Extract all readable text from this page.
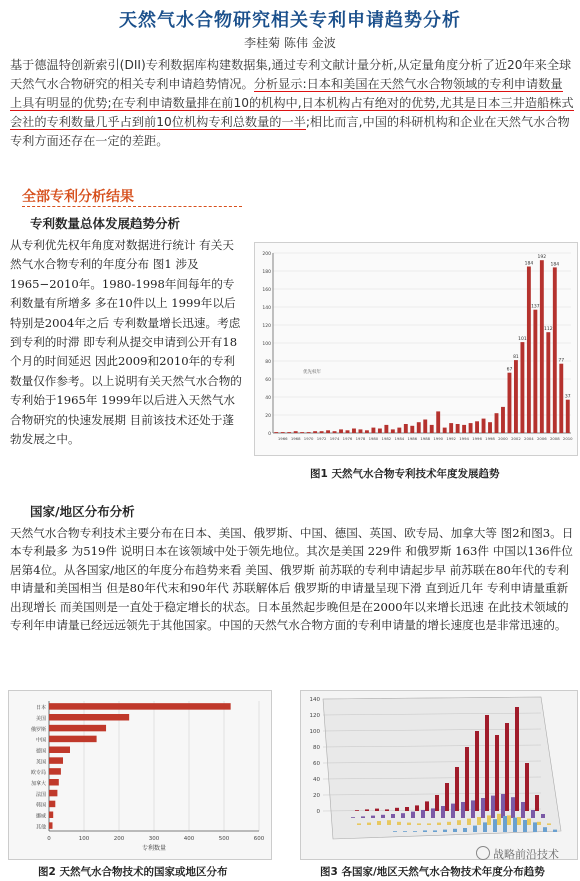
天然气水合物研究相关专利申请趋势分析
李桂菊 陈伟 金波
基于德温特创新索引(DII)专利数据库构建数据集,通过专利文献计量分析,从定量角度分析了近20年来全球天然气水合物研究的相关专利申请趋势情况。分析显示:日本和美国在天然气水合物领域的专利申请数量上具有明显的优势;在专利申请数量排在前10的机构中,日本机构占有绝对的优势,尤其是日本三井造船株式会社的专利数量几乎占到前10位机构专利总数量的一半;相比而言,中国的科研机构和企业在天然气水合物专利方面还存在一定的差距。
全部专利分析结果
专利数量总体发展趋势分析
从专利优先权年角度对数据进行统计 有关天然气水合物专利的年度分布 图1 涉及1965−2010年。1980-1998年间每年的专利数量有所增多 多在10件以上 1999年以后 特别是2004年之后 专利数量增长迅速。考虑到专利的时滞 即专利从提交申请到公开有18个月的时间延迟 因此2009和2010年的专利数量仅作参考。以上说明有关天然气水合物的专利始于1965年 1999年以后进入天然气水合物研究的快速发展期 目前该技术还处于蓬勃发展之中。	0
20
40
60
80
100
120
140
160
180
200
67
81
101
184
137
192
112
184
77
37
1966 1968 1970 1972 1974 1976 1978 1980 1982 1984 1986 1988 1990 1992 1994 1996 1998 2000 2002 2004 2006 2008 2010
优先权年
图1 天然气水合物专利技术年度发展趋势
国家/地区分布分析
天然气水合物专利技术主要分布在日本、美国、俄罗斯、中国、德国、英国、欧专局、加拿大等 图2和图3。日本专利最多 为519件 说明日本在该领域中处于领先地位。其次是美国 229件 和俄罗斯 163件 中国以136件位居第4位。从各国家/地区的年度分布趋势来看 美国、俄罗斯 前苏联的专利申请起步早 前苏联在80年代的专利申请量和美国相当 但是80年代末和90年代 苏联解体后 俄罗斯的申请量呈现下滑 直到近几年 专利申请量重新出现增长 而美国则是一直处于稳定增长的状态。日本虽然起步晚但是在2000年以来增长迅速 在此技术领域的专利年申请量已经远远领先于其他国家。中国的天然气水合物方面的专利申请量的增长速度也是非常迅速的。
0	100	200	300	400	500	600
日本
美国
俄罗斯
中国
德国
英国
欧专局
加拿大
法国
韩国
挪威
其他
专利数量
图2 天然气水合物技术的国家或地区分布
0
20
40
60
80
100
120
140
图3 各国家/地区天然气水合物技术年度分布趋势
战略前沿技术
